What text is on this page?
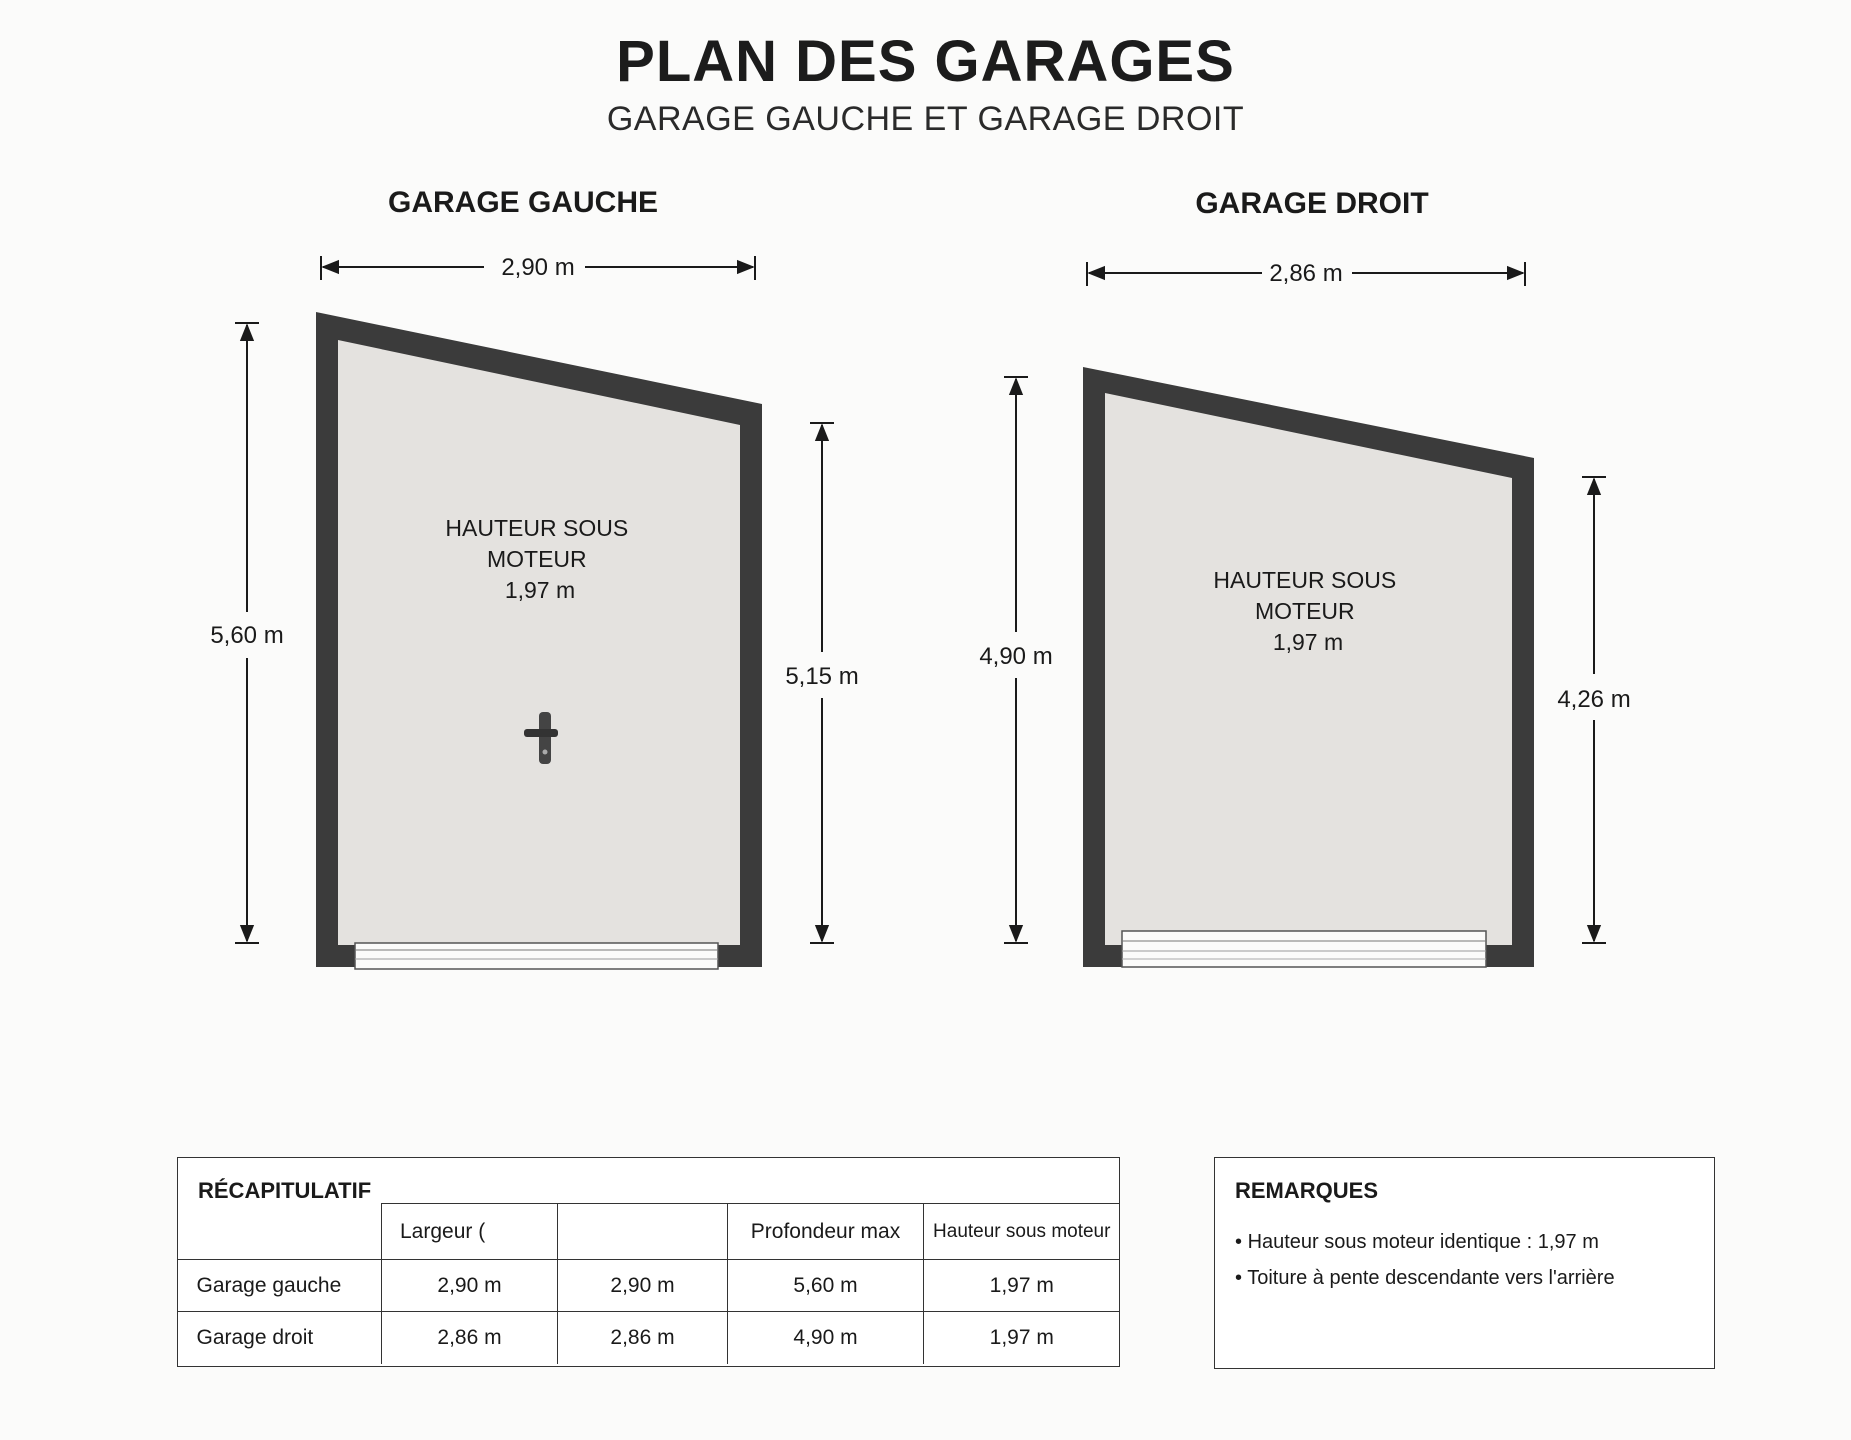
PLAN DES GARAGES
GARAGE GAUCHE ET GARAGE DROIT
GARAGE GAUCHE
2,90 m
5,60 m
5,15 m
HAUTEUR SOUS MOTEUR 1,97 m
GARAGE DROIT
2,86 m
4,90 m
4,26 m
HAUTEUR SOUS MOTEUR 1,97 m
RÉCAPITULATIF
	Largeur (		Profondeur max	Hauteur sous moteur
Garage gauche	2,90 m	2,90 m	5,60 m	1,97 m
Garage droit	2,86 m	2,86 m	4,90 m	1,97 m
REMARQUES
• Hauteur sous moteur identique : 1,97 m
• Toiture à pente descendante vers l'arrière
